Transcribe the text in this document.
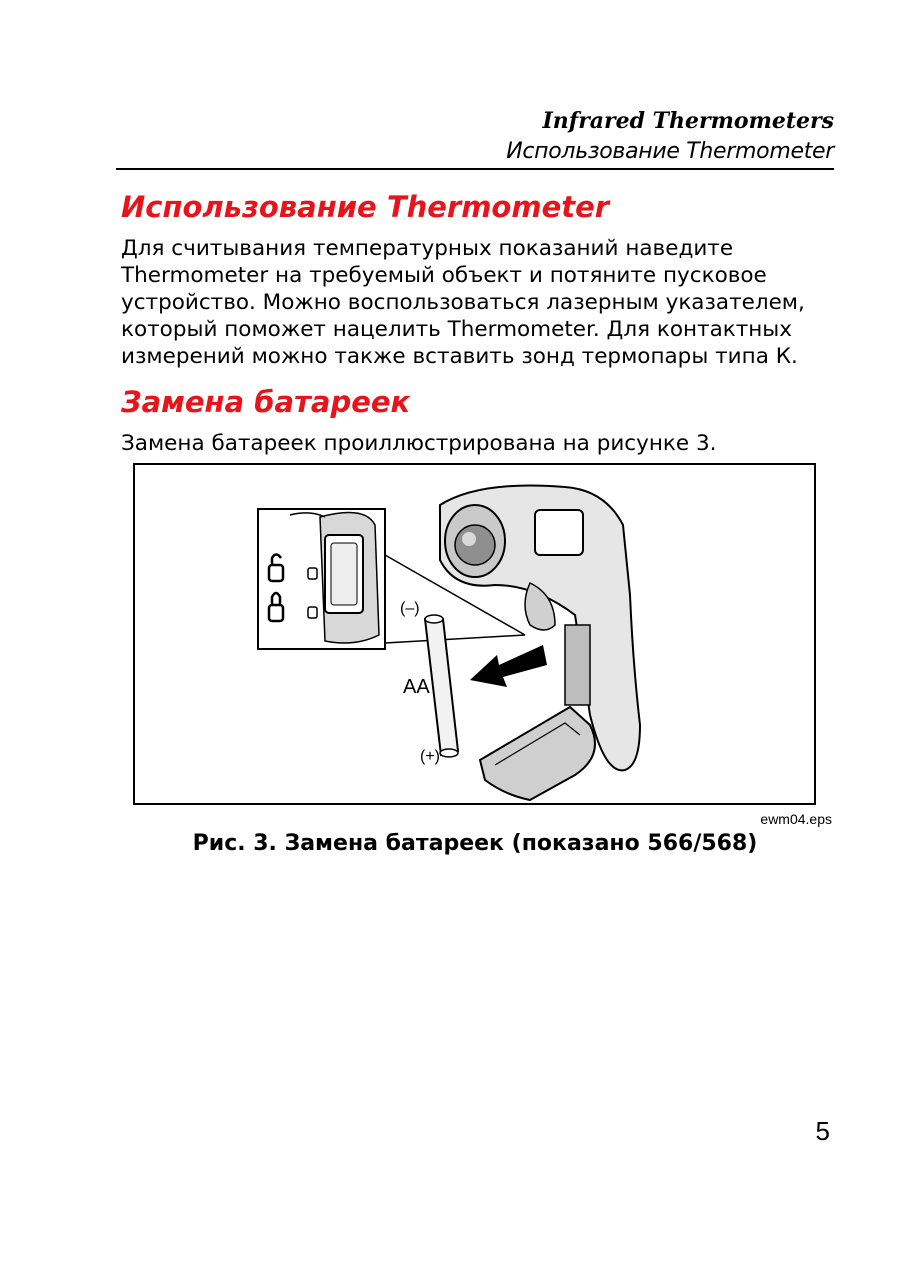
Infrared Thermometers
Использование Thermometer
Использование Thermometer

Для считывания температурных показаний наведите
Thermometer на требуемый объект и потяните пусковое
устройство. Можно воспользоваться лазерным указателем,
который поможет нацелить Thermometer. Для контактных
измерений можно также вставить зонд термопары типа К.

Замена батареек

Замена батареек проиллюстрирована на рисунке 3.

(–)
AA
(+)
ewm04.eps
Рис. 3. Замена батареек (показано 566/568)
5
